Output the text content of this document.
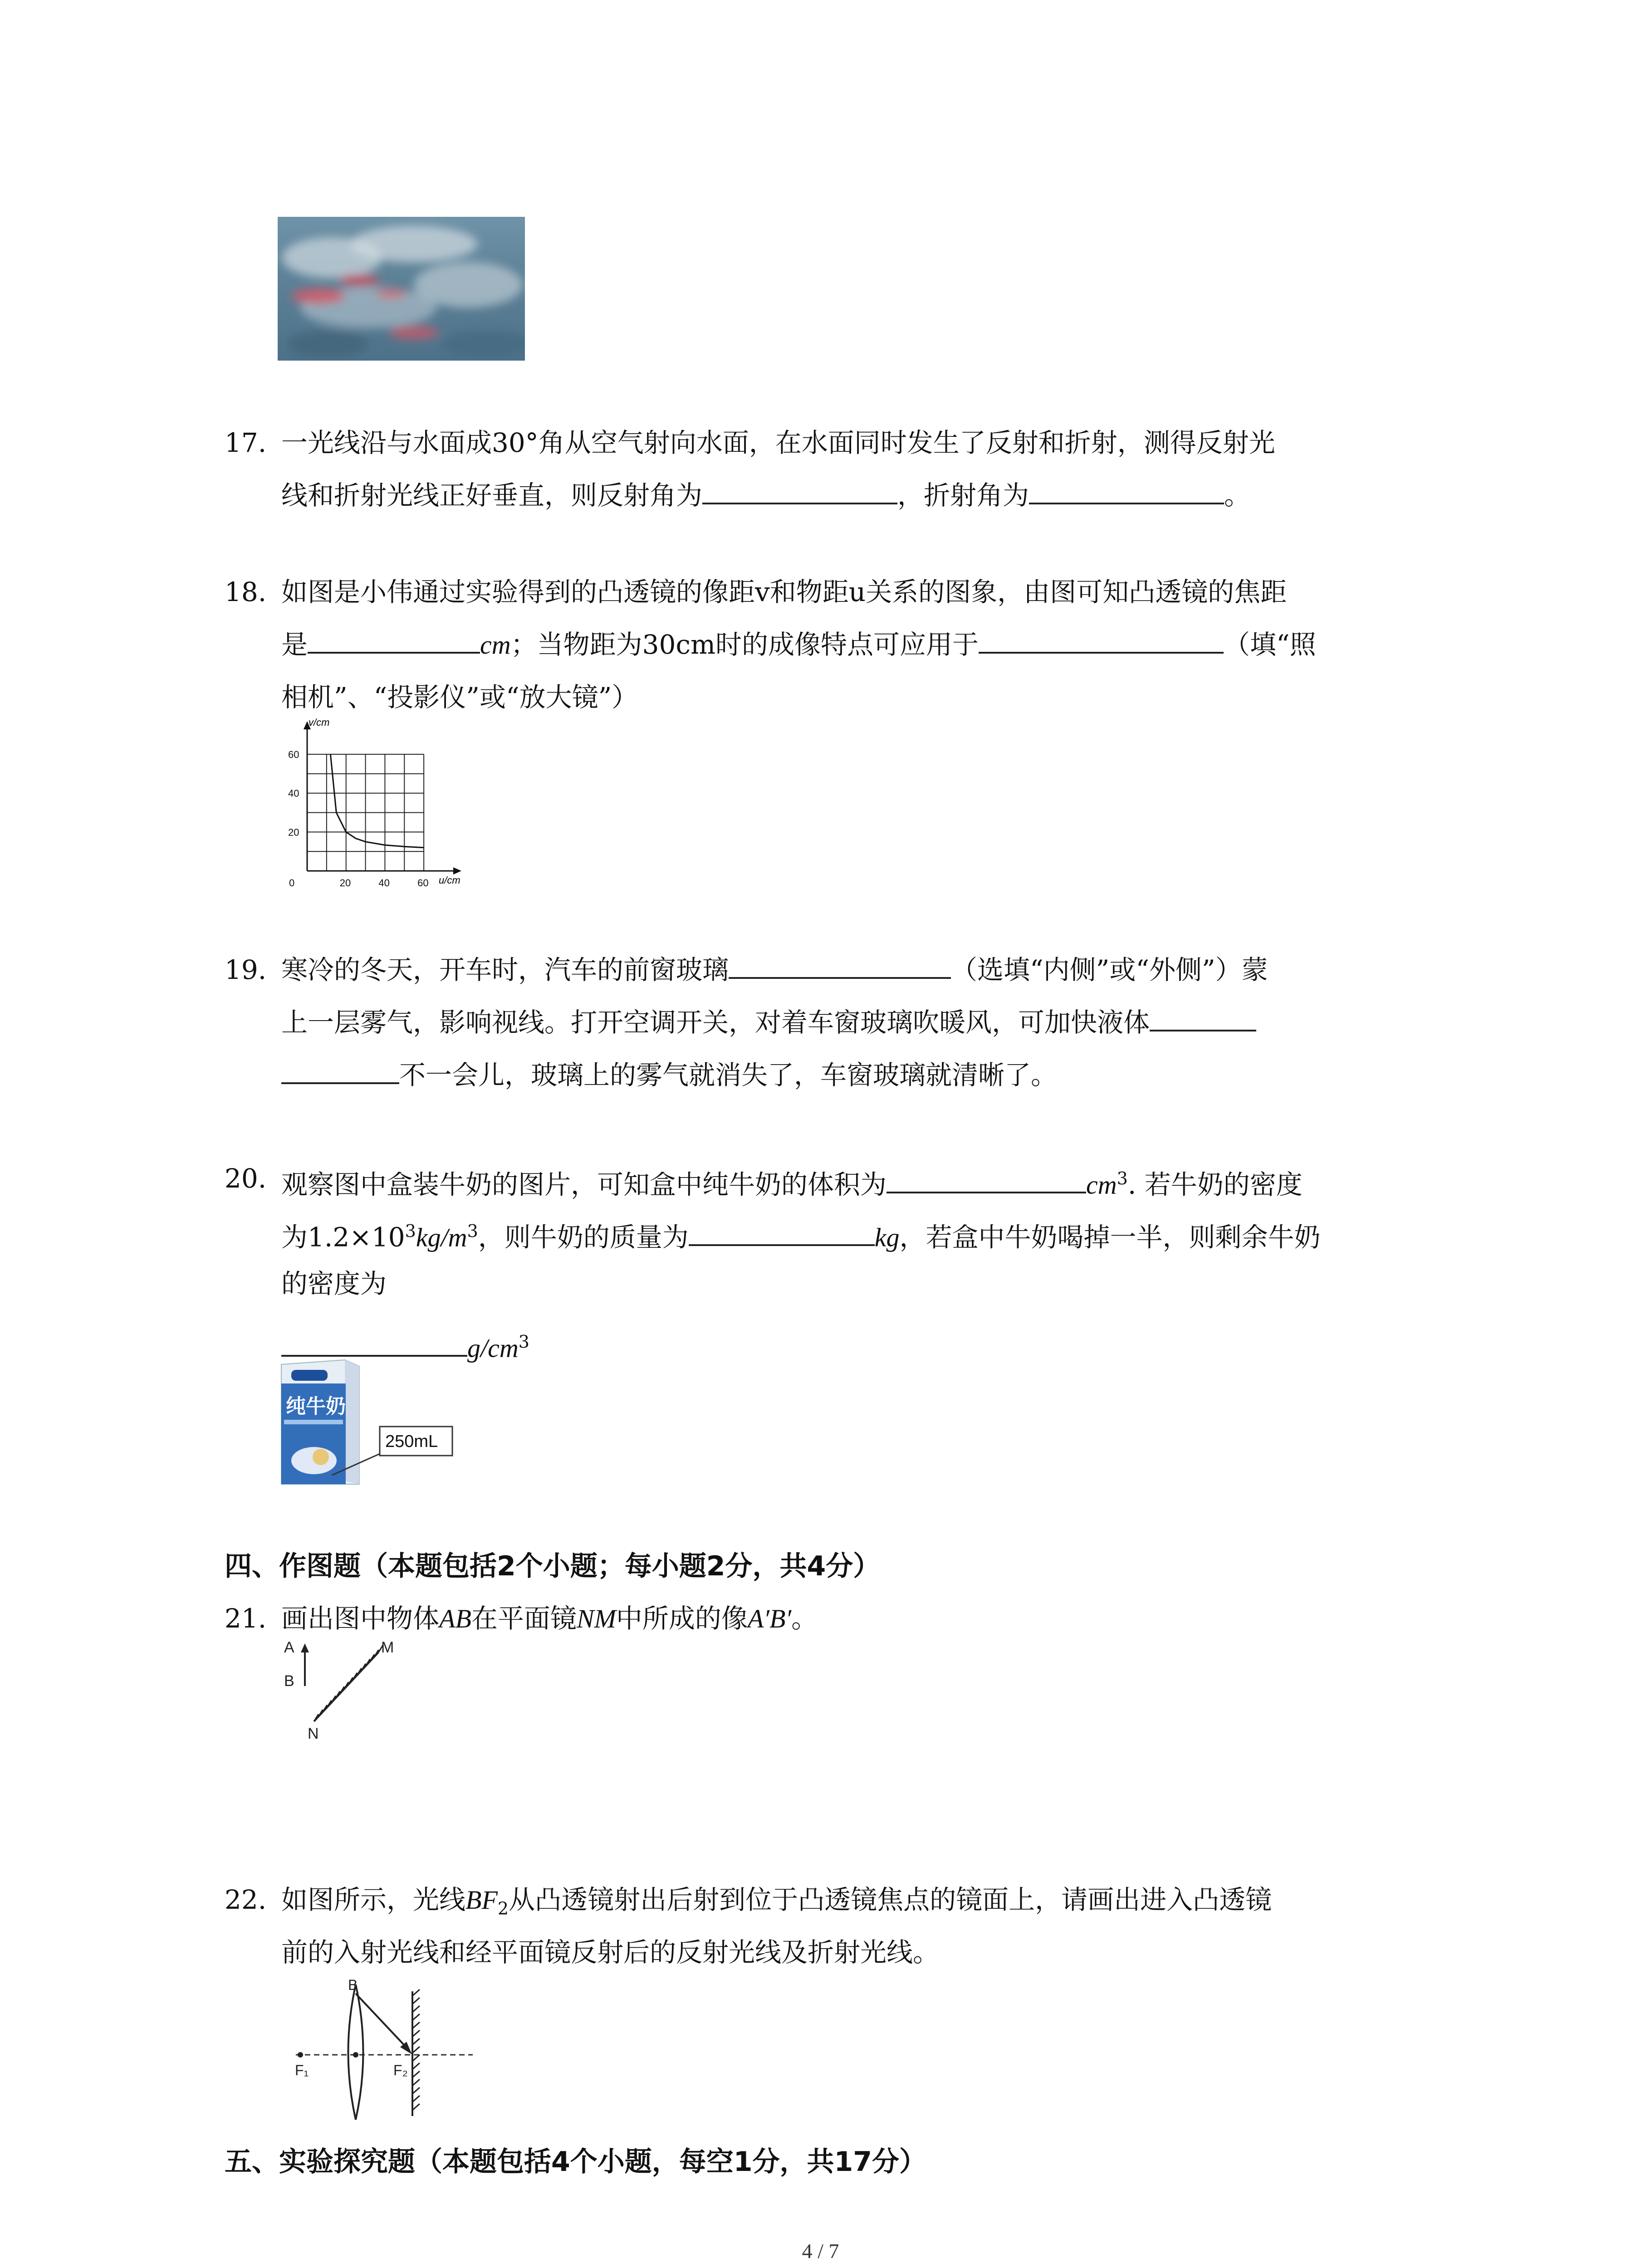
17. 一光线沿与水面成30°角从空气射向水面，在水面同时发生了反射和折射，测得反射光
线和折射光线正好垂直，则反射角为	，折射角为	。
18. 如图是小伟通过实验得到的凸透镜的像距v和物距u关系的图象，由图可知凸透镜的焦距
是	cm；当物距为30cm时的成像特点可应用于	（填“照
相机”、“投影仪”或“放大镜”）
0	20	40	60
20
40
60
v/cm
u/cm
19. 寒冷的冬天，开车时，汽车的前窗玻璃	（选填“内侧”或“外侧”）蒙
上一层雾气，影响视线。打开空调开关，对着车窗玻璃吹暖风，可加快液体
不一会儿，玻璃上的雾气就消失了，车窗玻璃就清晰了。
20. 观察图中盒装牛奶的图片，可知盒中纯牛奶的体积为	$cm^3$. 若牛奶的密度
为$1.2\times 10^3kg/m^3$，则牛奶的质量为	kg，若盒中牛奶喝掉一半，则剩余牛奶
的密度为
$g/cm^3$
纯牛奶
250mL
四、作图题（本题包括2个小题；每小题2分，共4分）
21. 画出图中物体AB在平面镜NM中所成的像A′B′。
A
B
M
N
22. 如图所示，光线$BF_2$从凸透镜射出后射到位于凸透镜焦点的镜面上，请画出进入凸透镜
前的入射光线和经平面镜反射后的反射光线及折射光线。
B
F₁	F₂
五、实验探究题（本题包括4个小题，每空1分，共17分）
4 / 7
